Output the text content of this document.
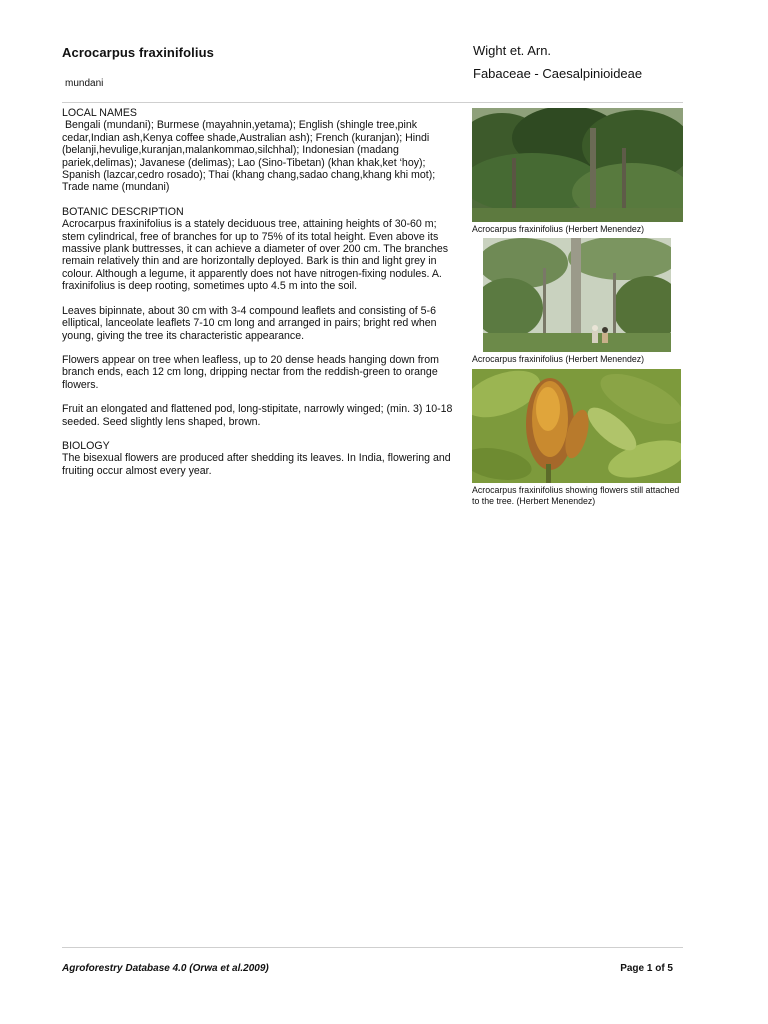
Acrocarpus fraxinifolius
mundani
Wight et. Arn.
Fabaceae - Caesalpinioideae
LOCAL NAMES

Bengali (mundani); Burmese (mayahnin,yetama); English (shingle tree,pink cedar,Indian ash,Kenya coffee shade,Australian ash); French (kuranjan); Hindi (belanji,hevulige,kuranjan,malankommao,silchhal); Indonesian (madang pariek,delimas); Javanese (delimas); Lao (Sino-Tibetan) (khan khak,ket ‘hoy); Spanish (lazcar,cedro rosado); Thai (khang chang,sadao chang,khang khi mot); Trade name (mundani)

BOTANIC DESCRIPTION

Acrocarpus fraxinifolius is a stately deciduous tree, attaining heights of 30-60 m; stem cylindrical, free of branches for up to 75% of its total height. Even above its massive plank buttresses, it can achieve a diameter of over 200 cm. The branches remain relatively thin and are horizontally deployed. Bark is thin and light grey in colour. Although a legume, it apparently does not have nitrogen-fixing nodules. A. fraxinifolius is deep rooting, sometimes upto 4.5 m into the soil.

Leaves bipinnate, about 30 cm with 3-4 compound leaflets and consisting of 5-6 elliptical, lanceolate leaflets 7-10 cm long and arranged in pairs; bright red when young, giving the tree its characteristic appearance.

Flowers appear on tree when leafless, up to 20 dense heads hanging down from branch ends, each 12 cm long, dripping nectar from the reddish-green to orange flowers.

Fruit an elongated and flattened pod, long-stipitate, narrowly winged; (min. 3) 10-18 seeded. Seed slightly lens shaped, brown.

BIOLOGY

The bisexual flowers are produced after shedding its leaves. In India, flowering and fruiting occur almost every year.

Acrocarpus fraxinifolius (Herbert Menendez)
Acrocarpus fraxinifolius (Herbert Menendez)
Acrocarpus fraxinifolius showing flowers still attached to the tree. (Herbert Menendez)
Agroforestry Database 4.0 (Orwa et al.2009)	Page 1 of 5
